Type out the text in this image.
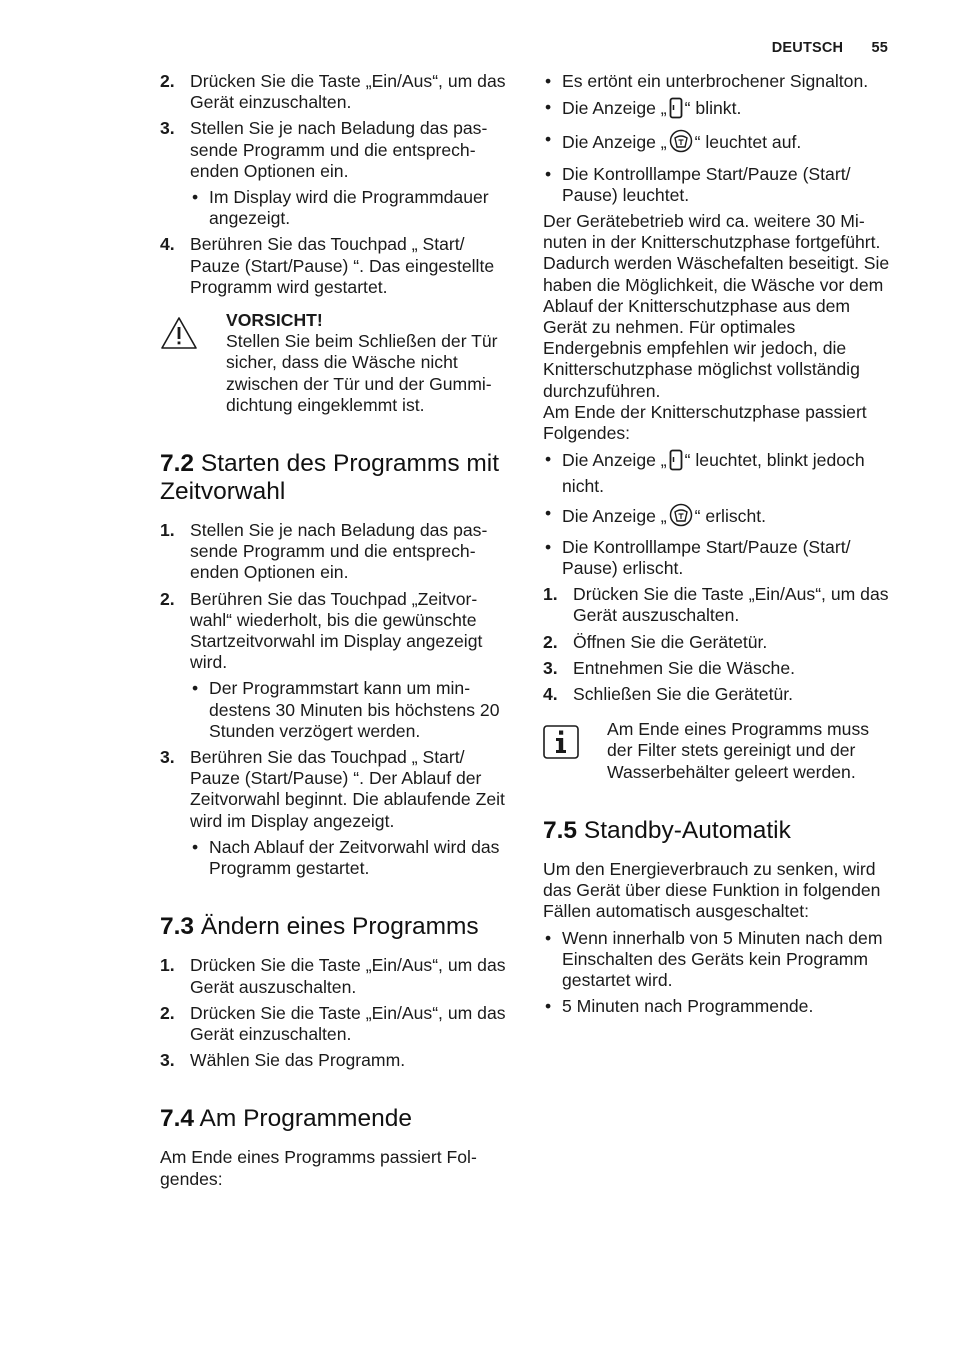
DEUTSCH 55
2. Drücken Sie die Taste „Ein/Aus“, um das Gerät einzuschalten.
3. Stellen Sie je nach Beladung das passende Programm und die entsprechenden Optionen ein.
• Im Display wird die Programmdauer angezeigt.
4. Berühren Sie das Touchpad „ Start/ Pauze (Start/Pause) “. Das eingestellte Programm wird gestartet.
VORSICHT!
Stellen Sie beim Schließen der Tür sicher, dass die Wäsche nicht zwischen der Tür und der Gummidichtung eingeklemmt ist.
7.2 Starten des Programms mit Zeitvorwahl
1. Stellen Sie je nach Beladung das passende Programm und die entsprechenden Optionen ein.
2. Berühren Sie das Touchpad „Zeitvorwahl“ wiederholt, bis die gewünschte Startzeitvorwahl im Display angezeigt wird.
• Der Programmstart kann um mindestens 30 Minuten bis höchstens 20 Stunden verzögert werden.
3. Berühren Sie das Touchpad „ Start/ Pauze (Start/Pause) “. Der Ablauf der Zeitvorwahl beginnt. Die ablaufende Zeit wird im Display angezeigt.
• Nach Ablauf der Zeitvorwahl wird das Programm gestartet.
7.3 Ändern eines Programms
1. Drücken Sie die Taste „Ein/Aus“, um das Gerät auszuschalten.
2. Drücken Sie die Taste „Ein/Aus“, um das Gerät einzuschalten.
3. Wählen Sie das Programm.
7.4 Am Programmende

Am Ende eines Programms passiert Folgendes:

• Es ertönt ein unterbrochener Signalton.
• Die Anzeige „ “ blinkt.
• Die Anzeige „ “ leuchtet auf.
• Die Kontrolllampe Start/Pauze (Start/ Pause) leuchtet.

Der Gerätebetrieb wird ca. weitere 30 Minuten in der Knitterschutzphase fortgeführt.

Dadurch werden Wäschefalten beseitigt. Sie haben die Möglichkeit, die Wäsche vor dem Ablauf der Knitterschutzphase aus dem Gerät zu nehmen. Für optimales Endergebnis empfehlen wir jedoch, die Knitterschutzphase möglichst vollständig durchzuführen.

Am Ende der Knitterschutzphase passiert Folgendes:

• Die Anzeige „ “ leuchtet, blinkt jedoch nicht.
• Die Anzeige „ “ erlischt.
• Die Kontrolllampe Start/Pauze (Start/ Pause) erlischt.
1. Drücken Sie die Taste „Ein/Aus“, um das Gerät auszuschalten.
2. Öffnen Sie die Gerätetür.
3. Entnehmen Sie die Wäsche.
4. Schließen Sie die Gerätetür.
Am Ende eines Programms muss der Filter stets gereinigt und der Wasserbehälter geleert werden.
7.5 Standby-Automatik

Um den Energieverbrauch zu senken, wird das Gerät über diese Funktion in folgenden Fällen automatisch ausgeschaltet:

• Wenn innerhalb von 5 Minuten nach dem Einschalten des Geräts kein Programm gestartet wird.
• 5 Minuten nach Programmende.
